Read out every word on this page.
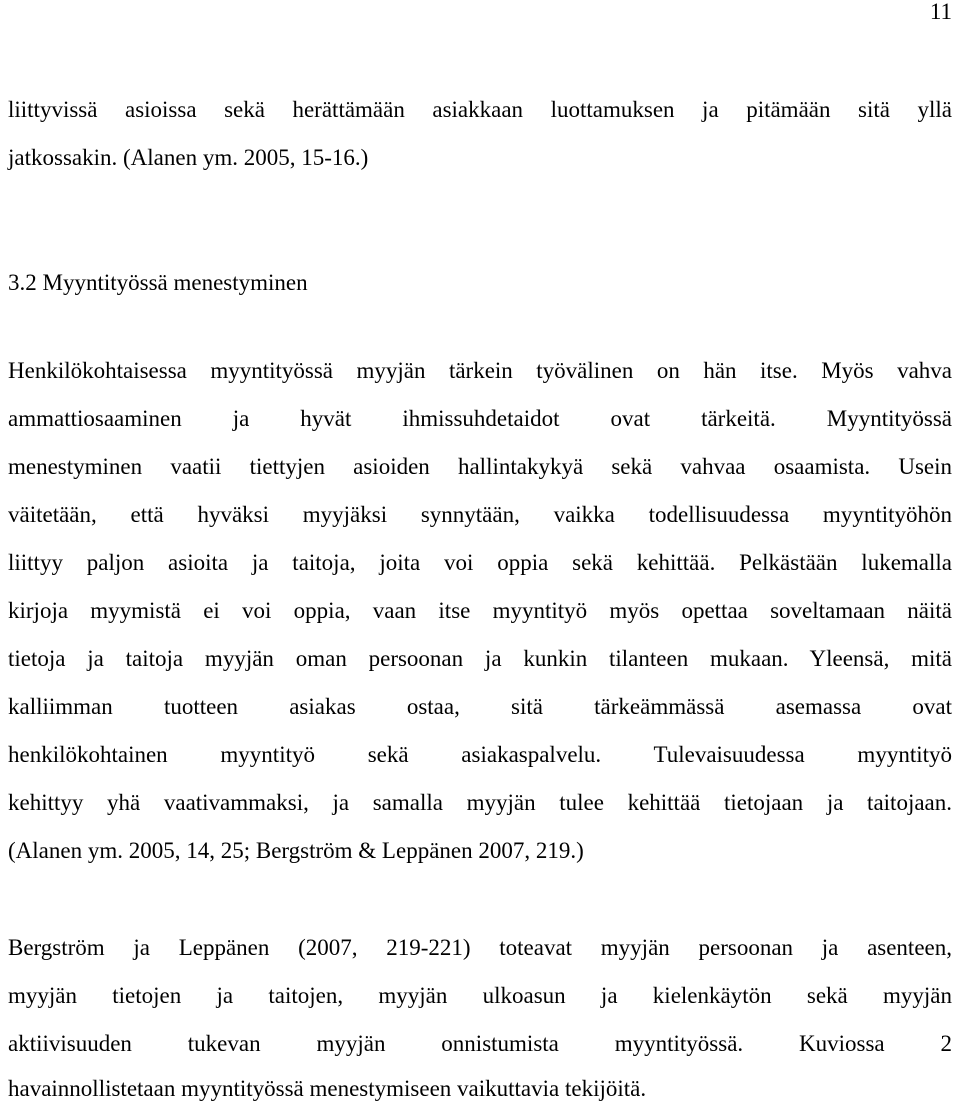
11
liittyvissä asioissa sekä herättämään asiakkaan luottamuksen ja pitämään sitä yllä
jatkossakin. (Alanen ym. 2005, 15-16.)
3.2 Myyntityössä menestyminen
Henkilökohtaisessa myyntityössä myyjän tärkein työvälinen on hän itse. Myös vahva
ammattiosaaminen ja hyvät ihmissuhdetaidot ovat tärkeitä. Myyntityössä
menestyminen vaatii tiettyjen asioiden hallintakykyä sekä vahvaa osaamista. Usein
väitetään, että hyväksi myyjäksi synnytään, vaikka todellisuudessa myyntityöhön
liittyy paljon asioita ja taitoja, joita voi oppia sekä kehittää. Pelkästään lukemalla
kirjoja myymistä ei voi oppia, vaan itse myyntityö myös opettaa soveltamaan näitä
tietoja ja taitoja myyjän oman persoonan ja kunkin tilanteen mukaan. Yleensä, mitä
kalliimman tuotteen asiakas ostaa, sitä tärkeämmässä asemassa ovat
henkilökohtainen myyntityö sekä asiakaspalvelu. Tulevaisuudessa myyntityö
kehittyy yhä vaativammaksi, ja samalla myyjän tulee kehittää tietojaan ja taitojaan.
(Alanen ym. 2005, 14, 25; Bergström & Leppänen 2007, 219.)
Bergström ja Leppänen (2007, 219-221) toteavat myyjän persoonan ja asenteen,
myyjän tietojen ja taitojen, myyjän ulkoasun ja kielenkäytön sekä myyjän
aktiivisuuden tukevan myyjän onnistumista myyntityössä. Kuviossa 2
havainnollistetaan myyntityössä menestymiseen vaikuttavia tekijöitä.
